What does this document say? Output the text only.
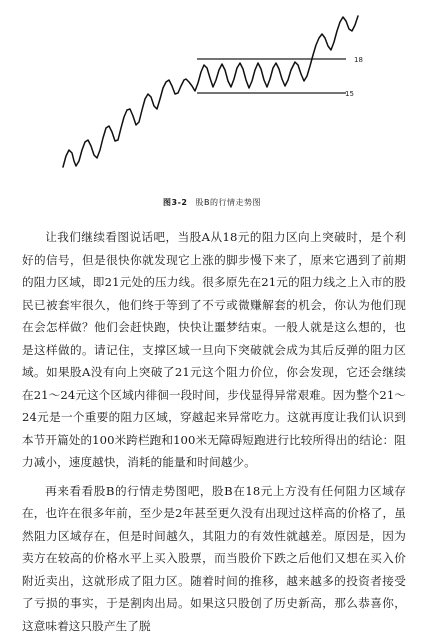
18
15
图3-2 股B的行情走势图

让我们继续看图说话吧，当股A从18元的阻力区向上突破时，是个利好的信号，但是很快你就发现它上涨的脚步慢下来了，原来它遇到了前期的阻力区域，即21元处的压力线。很多原先在21元的阻力线之上入市的股民已被套牢很久，他们终于等到了不亏或微赚解套的机会，你认为他们现在会怎样做？他们会赶快跑，快快让噩梦结束。一般人就是这么想的，也是这样做的。请记住，支撑区域一旦向下突破就会成为其后反弹的阻力区域。如果股A没有向上突破了21元这个阻力价位，你会发现，它还会继续在21～24元这个区域内徘徊一段时间，步伐显得异常艰难。因为整个21～24元是一个重要的阻力区域，穿越起来异常吃力。这就再度让我们认识到本节开篇处的100米跨栏跑和100米无障碍短跑进行比较所得出的结论：阻力减小，速度越快，消耗的能量和时间越少。

再来看看股B的行情走势图吧，股B在18元上方没有任何阻力区域存在，也许在很多年前，至少是2年甚至更久没有出现过这样高的价格了，虽然阻力区域存在，但是时间越久，其阻力的有效性就越差。原因是，因为卖方在较高的价格水平上买入股票，而当股价下跌之后他们又想在买入价附近卖出，这就形成了阻力区。随着时间的推移，越来越多的投资者接受了亏损的事实，于是割肉出局。如果这只股创了历史新高，那么恭喜你，这意味着这只股产生了脱
